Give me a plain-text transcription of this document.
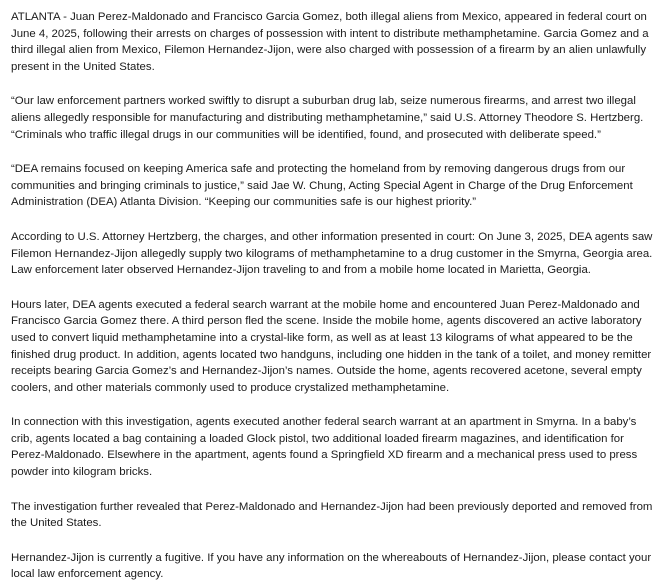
ATLANTA - Juan Perez-Maldonado and Francisco Garcia Gomez, both illegal aliens from Mexico, appeared in federal court on June 4, 2025, following their arrests on charges of possession with intent to distribute methamphetamine. Garcia Gomez and a third illegal alien from Mexico, Filemon Hernandez-Jijon, were also charged with possession of a firearm by an alien unlawfully present in the United States.

“Our law enforcement partners worked swiftly to disrupt a suburban drug lab, seize numerous firearms, and arrest two illegal aliens allegedly responsible for manufacturing and distributing methamphetamine,” said U.S. Attorney Theodore S. Hertzberg. “Criminals who traffic illegal drugs in our communities will be identified, found, and prosecuted with deliberate speed.”

“DEA remains focused on keeping America safe and protecting the homeland from by removing dangerous drugs from our communities and bringing criminals to justice,” said Jae W. Chung, Acting Special Agent in Charge of the Drug Enforcement Administration (DEA) Atlanta Division. “Keeping our communities safe is our highest priority.”

According to U.S. Attorney Hertzberg, the charges, and other information presented in court: On June 3, 2025, DEA agents saw Filemon Hernandez-Jijon allegedly supply two kilograms of methamphetamine to a drug customer in the Smyrna, Georgia area. Law enforcement later observed Hernandez-Jijon traveling to and from a mobile home located in Marietta, Georgia.

Hours later, DEA agents executed a federal search warrant at the mobile home and encountered Juan Perez-Maldonado and Francisco Garcia Gomez there. A third person fled the scene. Inside the mobile home, agents discovered an active laboratory used to convert liquid methamphetamine into a crystal-like form, as well as at least 13 kilograms of what appeared to be the finished drug product. In addition, agents located two handguns, including one hidden in the tank of a toilet, and money remitter receipts bearing Garcia Gomez’s and Hernandez-Jijon’s names. Outside the home, agents recovered acetone, several empty coolers, and other materials commonly used to produce crystalized methamphetamine.

In connection with this investigation, agents executed another federal search warrant at an apartment in Smyrna. In a baby’s crib, agents located a bag containing a loaded Glock pistol, two additional loaded firearm magazines, and identification for Perez-Maldonado. Elsewhere in the apartment, agents found a Springfield XD firearm and a mechanical press used to press powder into kilogram bricks.

The investigation further revealed that Perez-Maldonado and Hernandez-Jijon had been previously deported and removed from the United States.

Hernandez-Jijon is currently a fugitive. If you have any information on the whereabouts of Hernandez-Jijon, please contact your local law enforcement agency.
